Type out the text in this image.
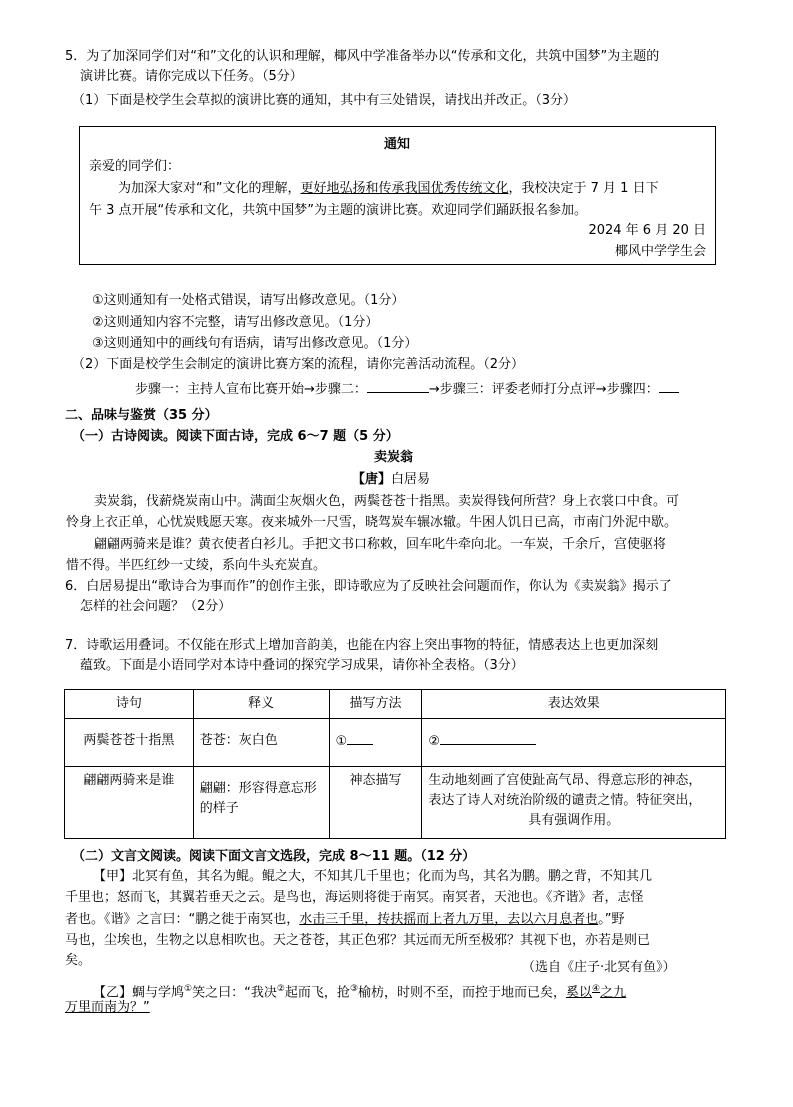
5．为了加深同学们对“和”文化的认识和理解，椰风中学准备举办以“传承和文化，共筑中国梦”为主题的
演讲比赛。请你完成以下任务。（5分）
（1）下面是校学生会草拟的演讲比赛的通知，其中有三处错误，请找出并改正。（3分）
通知
亲爱的同学们：
为加深大家对“和”文化的理解，更好地弘扬和传承我国优秀传统文化，我校决定于 7 月 1 日下
午 3 点开展“传承和文化，共筑中国梦”为主题的演讲比赛。欢迎同学们踊跃报名参加。
2024 年 6 月 20 日
椰风中学学生会
①这则通知有一处格式错误，请写出修改意见。（1分）
②这则通知内容不完整，请写出修改意见。（1分）
③这则通知中的画线句有语病，请写出修改意见。（1分）
（2）下面是校学生会制定的演讲比赛方案的流程，请你完善活动流程。（2分）
步骤一：主持人宣布比赛开始→步骤二：	→步骤三：评委老师打分点评→步骤四：
二、品味与鉴赏（35 分）
（一）古诗阅读。阅读下面古诗，完成 6～7 题（5 分）
卖炭翁
【唐】白居易
卖炭翁，伐薪烧炭南山中。满面尘灰烟火色，两鬓苍苍十指黑。卖炭得钱何所营？身上衣裳口中食。可
怜身上衣正单，心忧炭贱愿天寒。夜来城外一尺雪，晓驾炭车辗冰辙。牛困人饥日已高，市南门外泥中歇。
翩翩两骑来是谁？黄衣使者白衫儿。手把文书口称敕，回车叱牛牵向北。一车炭，千余斤，宫使驱将
惜不得。半匹红纱一丈绫，系向牛头充炭直。
6．白居易提出“歌诗合为事而作”的创作主张，即诗歌应为了反映社会问题而作，你认为《卖炭翁》揭示了
怎样的社会问题？（2分）
7．诗歌运用叠词。不仅能在形式上增加音韵美，也能在内容上突出事物的特征，情感表达上也更加深刻
蕴致。下面是小语同学对本诗中叠词的探究学习成果，请你补全表格。（3分）
诗句	释义	描写方法	表达效果
两鬓苍苍十指黑	苍苍：灰白色	①	②
翩翩两骑来是谁	翩翩：形容得意忘形的样子	神态描写	生动地刻画了宫使趾高气昂、得意忘形的神态，
表达了诗人对统治阶级的谴责之情。特征突出，
具有强调作用。
（二）文言文阅读。阅读下面文言文选段，完成 8～11 题。（12 分）
【甲】北冥有鱼，其名为鲲。鲲之大，不知其几千里也；化而为鸟，其名为鹏。鹏之背，不知其几
千里也；怒而飞，其翼若垂天之云。是鸟也，海运则将徙于南冥。南冥者，天池也。《齐谐》者，志怪
者也。《谐》之言曰：“鹏之徙于南冥也，水击三千里，抟扶摇而上者九万里，去以六月息者也。”野
马也，尘埃也，生物之以息相吹也。天之苍苍，其正色邪？其远而无所至极邪？其视下也，亦若是则已
矣。	（选自《庄子·北冥有鱼》）
【乙】蜩与学鸠①笑之曰：“我决②起而飞，抢③榆枋，时则不至，而控于地而已矣，奚以④之九
万里而南为？”
